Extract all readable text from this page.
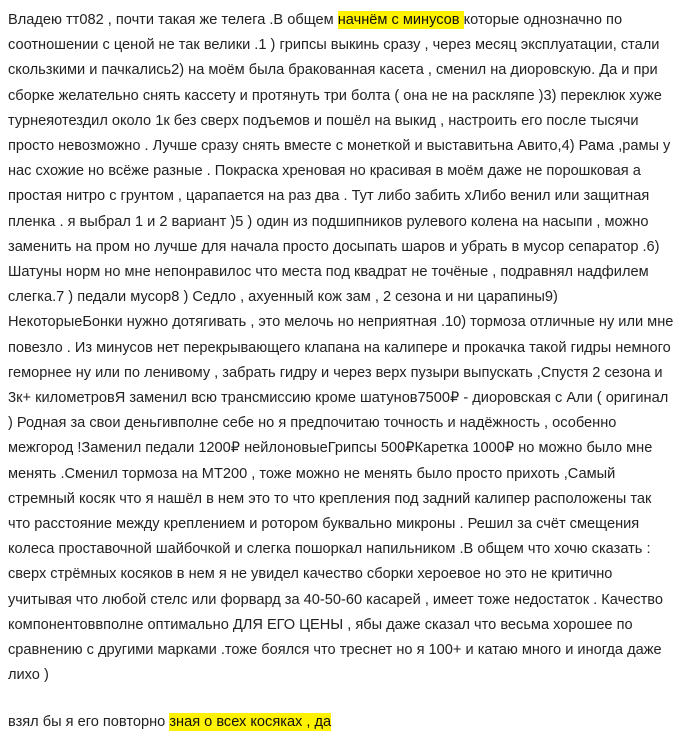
Владею тт082 , почти такая же телега .В общем начнём с минусов которые однозначно по соотношении с ценой не так велики .1 ) грипсы выкинь сразу , через месяц эксплуатации, стали скользкими и пачкались2) на моём была бракованная касета , сменил на диоровскую. Да и при сборке желательно снять кассету и протянуть три болта ( она не на раскляпе )3) переклюк хуже турнеяотездил около 1к без сверх подъемов и пошёл на выкид , настроить его после тысячи просто невозможно . Лучше сразу снять вместе с монеткой и выставитьна Авито,4) Рама ,рамы у нас схожие но всёже разные . Покраска хреновая но красивая в моём даже не порошковая а простая нитро с грунтом , царапается на раз два . Тут либо забить хЛибо венил или защитная пленка . я выбрал 1 и 2 вариант )5 ) один из подшипников рулевого колена на насыпи , можно заменить на пром но лучше для начала просто досыпать шаров и убрать в мусор сепаратор .6) Шатуны норм но мне непонравилос что места под квадрат не точёные , подравнял надфилем слегка.7 ) педали мусор8 ) Седло , ахуенный кож зам , 2 сезона и ни царапины9) НекоторыеБонки нужно дотягивать , это мелочь но неприятная .10) тормоза отличные ну или мне повезло . Из минусов нет перекрывающего клапана на калипере и прокачка такой гидры немного геморнее ну или по ленивому , забрать гидру и через верх пузыри выпускать ,Спустя 2 сезона и 3к+ километровЯ заменил всю трансмиссию кроме шатунов7500₽ - диоровская с Али ( оригинал ) Родная за свои деньгивполне себе но я предпочитаю точность и надёжность , особенно межгород !Заменил педали 1200₽ нейлоновыеГрипсы 500₽Каретка 1000₽ но можно было мне менять .Сменил тормоза на МТ200 , тоже можно не менять было просто прихоть ,Самый стремный косяк что я нашёл в нем это то что крепления под задний калипер расположены так что расстояние между креплением и ротором буквально микроны . Решил за счёт смещения колеса проставочной шайбочкой и слегка пошоркал напильником .В общем что хочю сказать : сверх стрёмных косяков в нем я не увидел качество сборки хероевое но это не критично учитывая что любой стелс или форвард за 40-50-60 касарей , имеет тоже недостаток . Качество компонентоввполне оптимально ДЛЯ ЕГО ЦЕНЫ , ябы даже сказал что весьма хорошее по сравнению с другими марками .тоже боялся что треснет но я 100+ и катаю много и иногда даже лихо )
взял бы я его повторно зная о всех косяках , да
